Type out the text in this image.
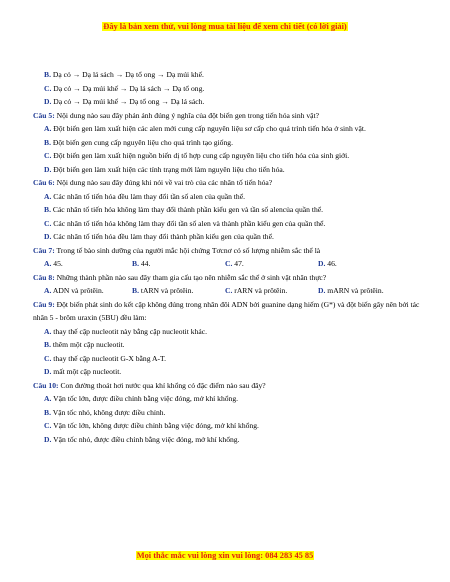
Đây là bản xem thử, vui lòng mua tài liệu để xem chi tiết (có lời giải)
B. Dạ cỏ → Dạ lá sách → Dạ tổ ong → Dạ múi khế.
C. Dạ cỏ → Dạ múi khế → Dạ lá sách → Dạ tổ ong.
D. Dạ cỏ → Dạ múi khế → Dạ tổ ong → Dạ lá sách.
Câu 5: Nội dung nào sau đây phản ánh đúng ý nghĩa của đột biến gen trong tiến hóa sinh vật?
A. Đột biến gen làm xuất hiện các alen mới cung cấp nguyên liệu sơ cấp cho quá trình tiến hóa ở sinh vật.
B. Đột biến gen cung cấp nguyên liệu cho quá trình tạo giống.
C. Đột biến gen làm xuất hiện nguồn biến dị tổ hợp cung cấp nguyên liệu cho tiến hóa của sinh giới.
D. Đột biến gen làm xuất hiện các tính trạng mới làm nguyên liệu cho tiến hóa.
Câu 6: Nội dung nào sau đây đúng khi nói về vai trò của các nhân tố tiến hóa?
A. Các nhân tố tiến hóa đều làm thay đổi tần số alen của quần thể.
B. Các nhân tố tiến hóa không làm thay đổi thành phần kiểu gen và tần số alencủa quần thể.
C. Các nhân tố tiến hóa không làm thay đổi tần số alen và thành phần kiểu gen của quần thể.
D. Các nhân tố tiến hóa đều làm thay đổi thành phần kiểu gen của quần thể.
Câu 7: Trong tế bào sinh dưỡng của người mắc hội chứng Tơcnơ có số lượng nhiễm sắc thể là
A. 45.	B. 44.	C. 47.	D. 46.
Câu 8: Những thành phần nào sau đây tham gia cấu tạo nên nhiễm sắc thể ở sinh vật nhân thực?
A. ADN và prôtêin.	B. tARN và prôtêin.	C. rARN và prôtêin.	D. mARN và prôtêin.
Câu 9: Đột biến phát sinh do kết cặp không đúng trong nhân đôi ADN bởi guanine dạng hiếm (G*) và đột biến gây nên bởi tác nhân 5 - brôm uraxin (5BU) đều làm:
A. thay thế cặp nucleotit này bằng cặp nucleotit khác.
B. thêm một cặp nucleotit.
C. thay thế cặp nucleotit G-X bằng A-T.
D. mất một cặp nucleotit.
Câu 10: Con đường thoát hơi nước qua khí khổng có đặc điểm nào sau đây?
A. Vận tốc lớn, được điều chỉnh bằng việc đóng, mở khí khổng.
B. Vận tốc nhỏ, không được điều chỉnh.
C. Vận tốc lớn, không được điều chỉnh bằng việc đóng, mở khí khổng.
D. Vận tốc nhỏ, được điều chỉnh bằng việc đóng, mở khí khổng.
Mọi thắc mắc vui lòng xin vui lòng: 084 283 45 85
